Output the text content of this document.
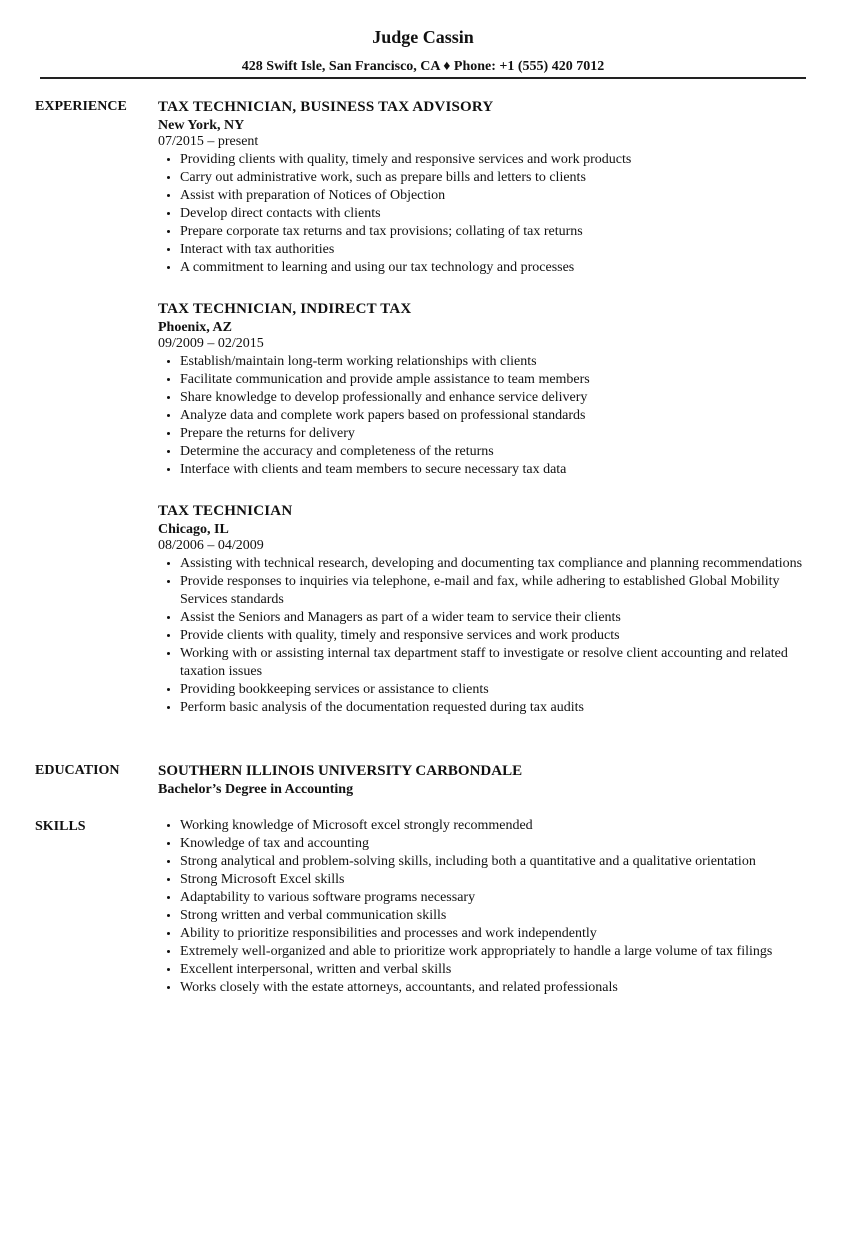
Judge Cassin
428 Swift Isle, San Francisco, CA ♦ Phone: +1 (555) 420 7012
EXPERIENCE TAX TECHNICIAN, BUSINESS TAX ADVISORY
New York, NY
07/2015 – present
• Providing clients with quality, timely and responsive services and work products
• Carry out administrative work, such as prepare bills and letters to clients
• Assist with preparation of Notices of Objection
• Develop direct contacts with clients
• Prepare corporate tax returns and tax provisions; collating of tax returns
• Interact with tax authorities
• A commitment to learning and using our tax technology and processes
TAX TECHNICIAN, INDIRECT TAX
Phoenix, AZ
09/2009 – 02/2015
• Establish/maintain long-term working relationships with clients
• Facilitate communication and provide ample assistance to team members
• Share knowledge to develop professionally and enhance service delivery
• Analyze data and complete work papers based on professional standards
• Prepare the returns for delivery
• Determine the accuracy and completeness of the returns
• Interface with clients and team members to secure necessary tax data
TAX TECHNICIAN
Chicago, IL
08/2006 – 04/2009
• Assisting with technical research, developing and documenting tax compliance and planning recommendations
• Provide responses to inquiries via telephone, e-mail and fax, while adhering to established Global Mobility Services standards
• Assist the Seniors and Managers as part of a wider team to service their clients
• Provide clients with quality, timely and responsive services and work products
• Working with or assisting internal tax department staff to investigate or resolve client accounting and related taxation issues
• Providing bookkeeping services or assistance to clients
• Perform basic analysis of the documentation requested during tax audits
EDUCATION	SOUTHERN ILLINOIS UNIVERSITY CARBONDALE
Bachelor’s Degree in Accounting
SKILLS
•	Working knowledge of Microsoft excel strongly recommended
• Knowledge of tax and accounting
• Strong analytical and problem-solving skills, including both a quantitative and a qualitative orientation
• Strong Microsoft Excel skills
• Adaptability to various software programs necessary
• Strong written and verbal communication skills
• Ability to prioritize responsibilities and processes and work independently
• Extremely well-organized and able to prioritize work appropriately to handle a large volume of tax filings
• Excellent interpersonal, written and verbal skills
• Works closely with the estate attorneys, accountants, and related professionals
